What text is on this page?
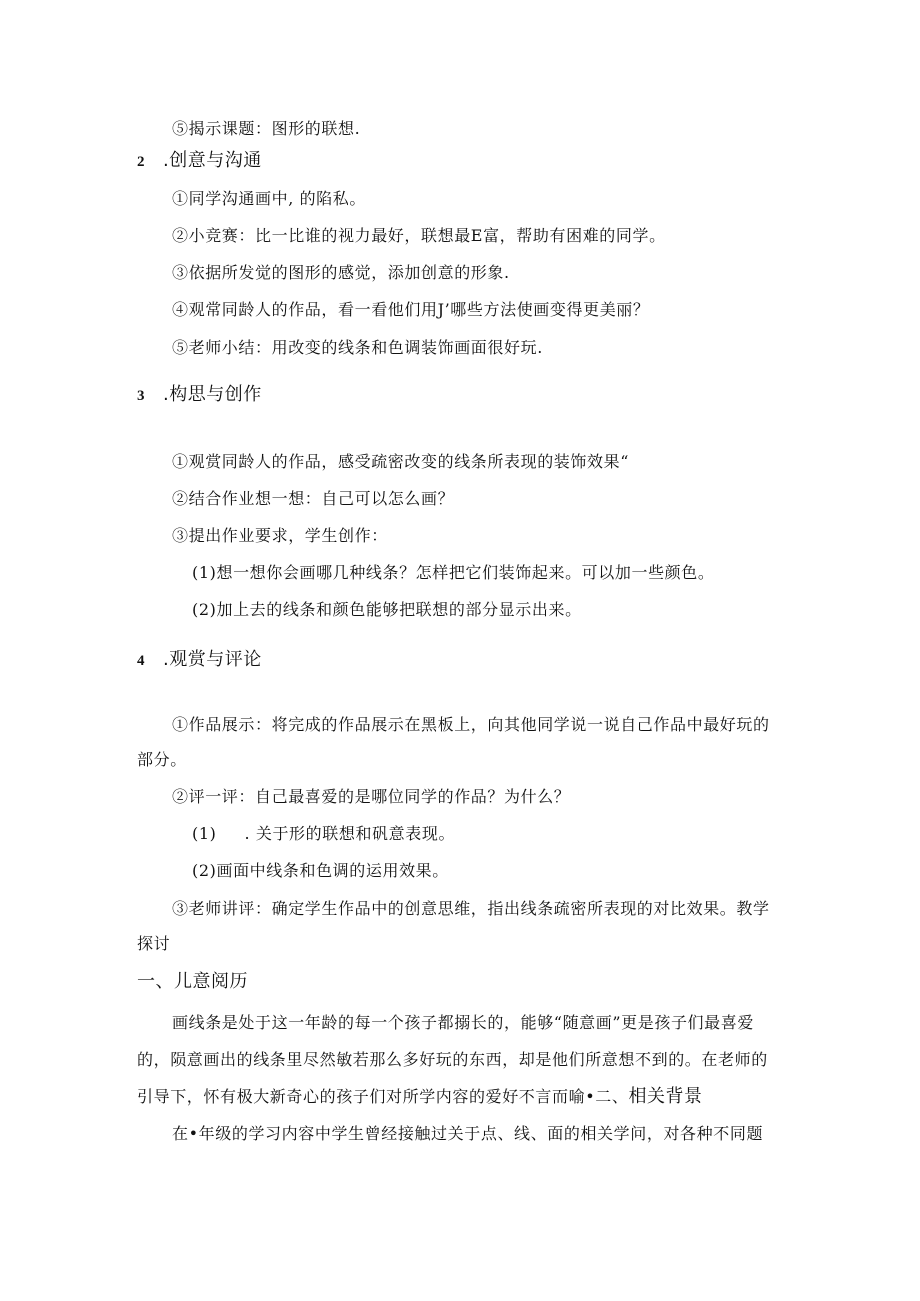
⑤揭示课题：图形的联想.
2 .创意与沟通
①同学沟通画中, 的陷私。
②小竞赛：比一比谁的视力最好，联想最E富，帮助有困难的同学。
③依据所发觉的图形的感觉，添加创意的形象.
④观常同龄人的作品，看一看他们用J’哪些方法使画变得更美丽？
⑤老师小结：用改变的线条和色调装饰画面很好玩.
3 .构思与创作
①观赏同龄人的作品，感受疏密改变的线条所表现的装饰效果“
②结合作业想一想：自己可以怎么画？
③提出作业要求，学生创作：
(1)想一想你会画哪几种线条？怎样把它们装饰起来。可以加一些颜色。
(2)加上去的线条和颜色能够把联想的部分显示出来。
4 .观赏与评论
①作品展示：将完成的作品展示在黑板上，向其他同学说一说自己作品中最好玩的
部分。
②评一评：自己最喜爱的是哪位同学的作品？为什么？
(1) . 关于形的联想和矾意表现。
(2)画面中线条和色调的运用效果。
③老师讲评：确定学生作品中的创意思维，指出线条疏密所表现的对比效果。教学
探讨
一、儿意阅历
画线条是处于这一年龄的每一个孩子都搦长的，能够“随意画”更是孩子们最喜爱
的，陨意画出的线条里尽然敏若那么多好玩的东西，却是他们所意想不到的。在老师的
引导下，怀有极大新奇心的孩子们对所学内容的爱好不言而喻•二、相关背景
在•年级的学习内容中学生曾经接触过关于点、线、面的相关学问，对各种不同题
